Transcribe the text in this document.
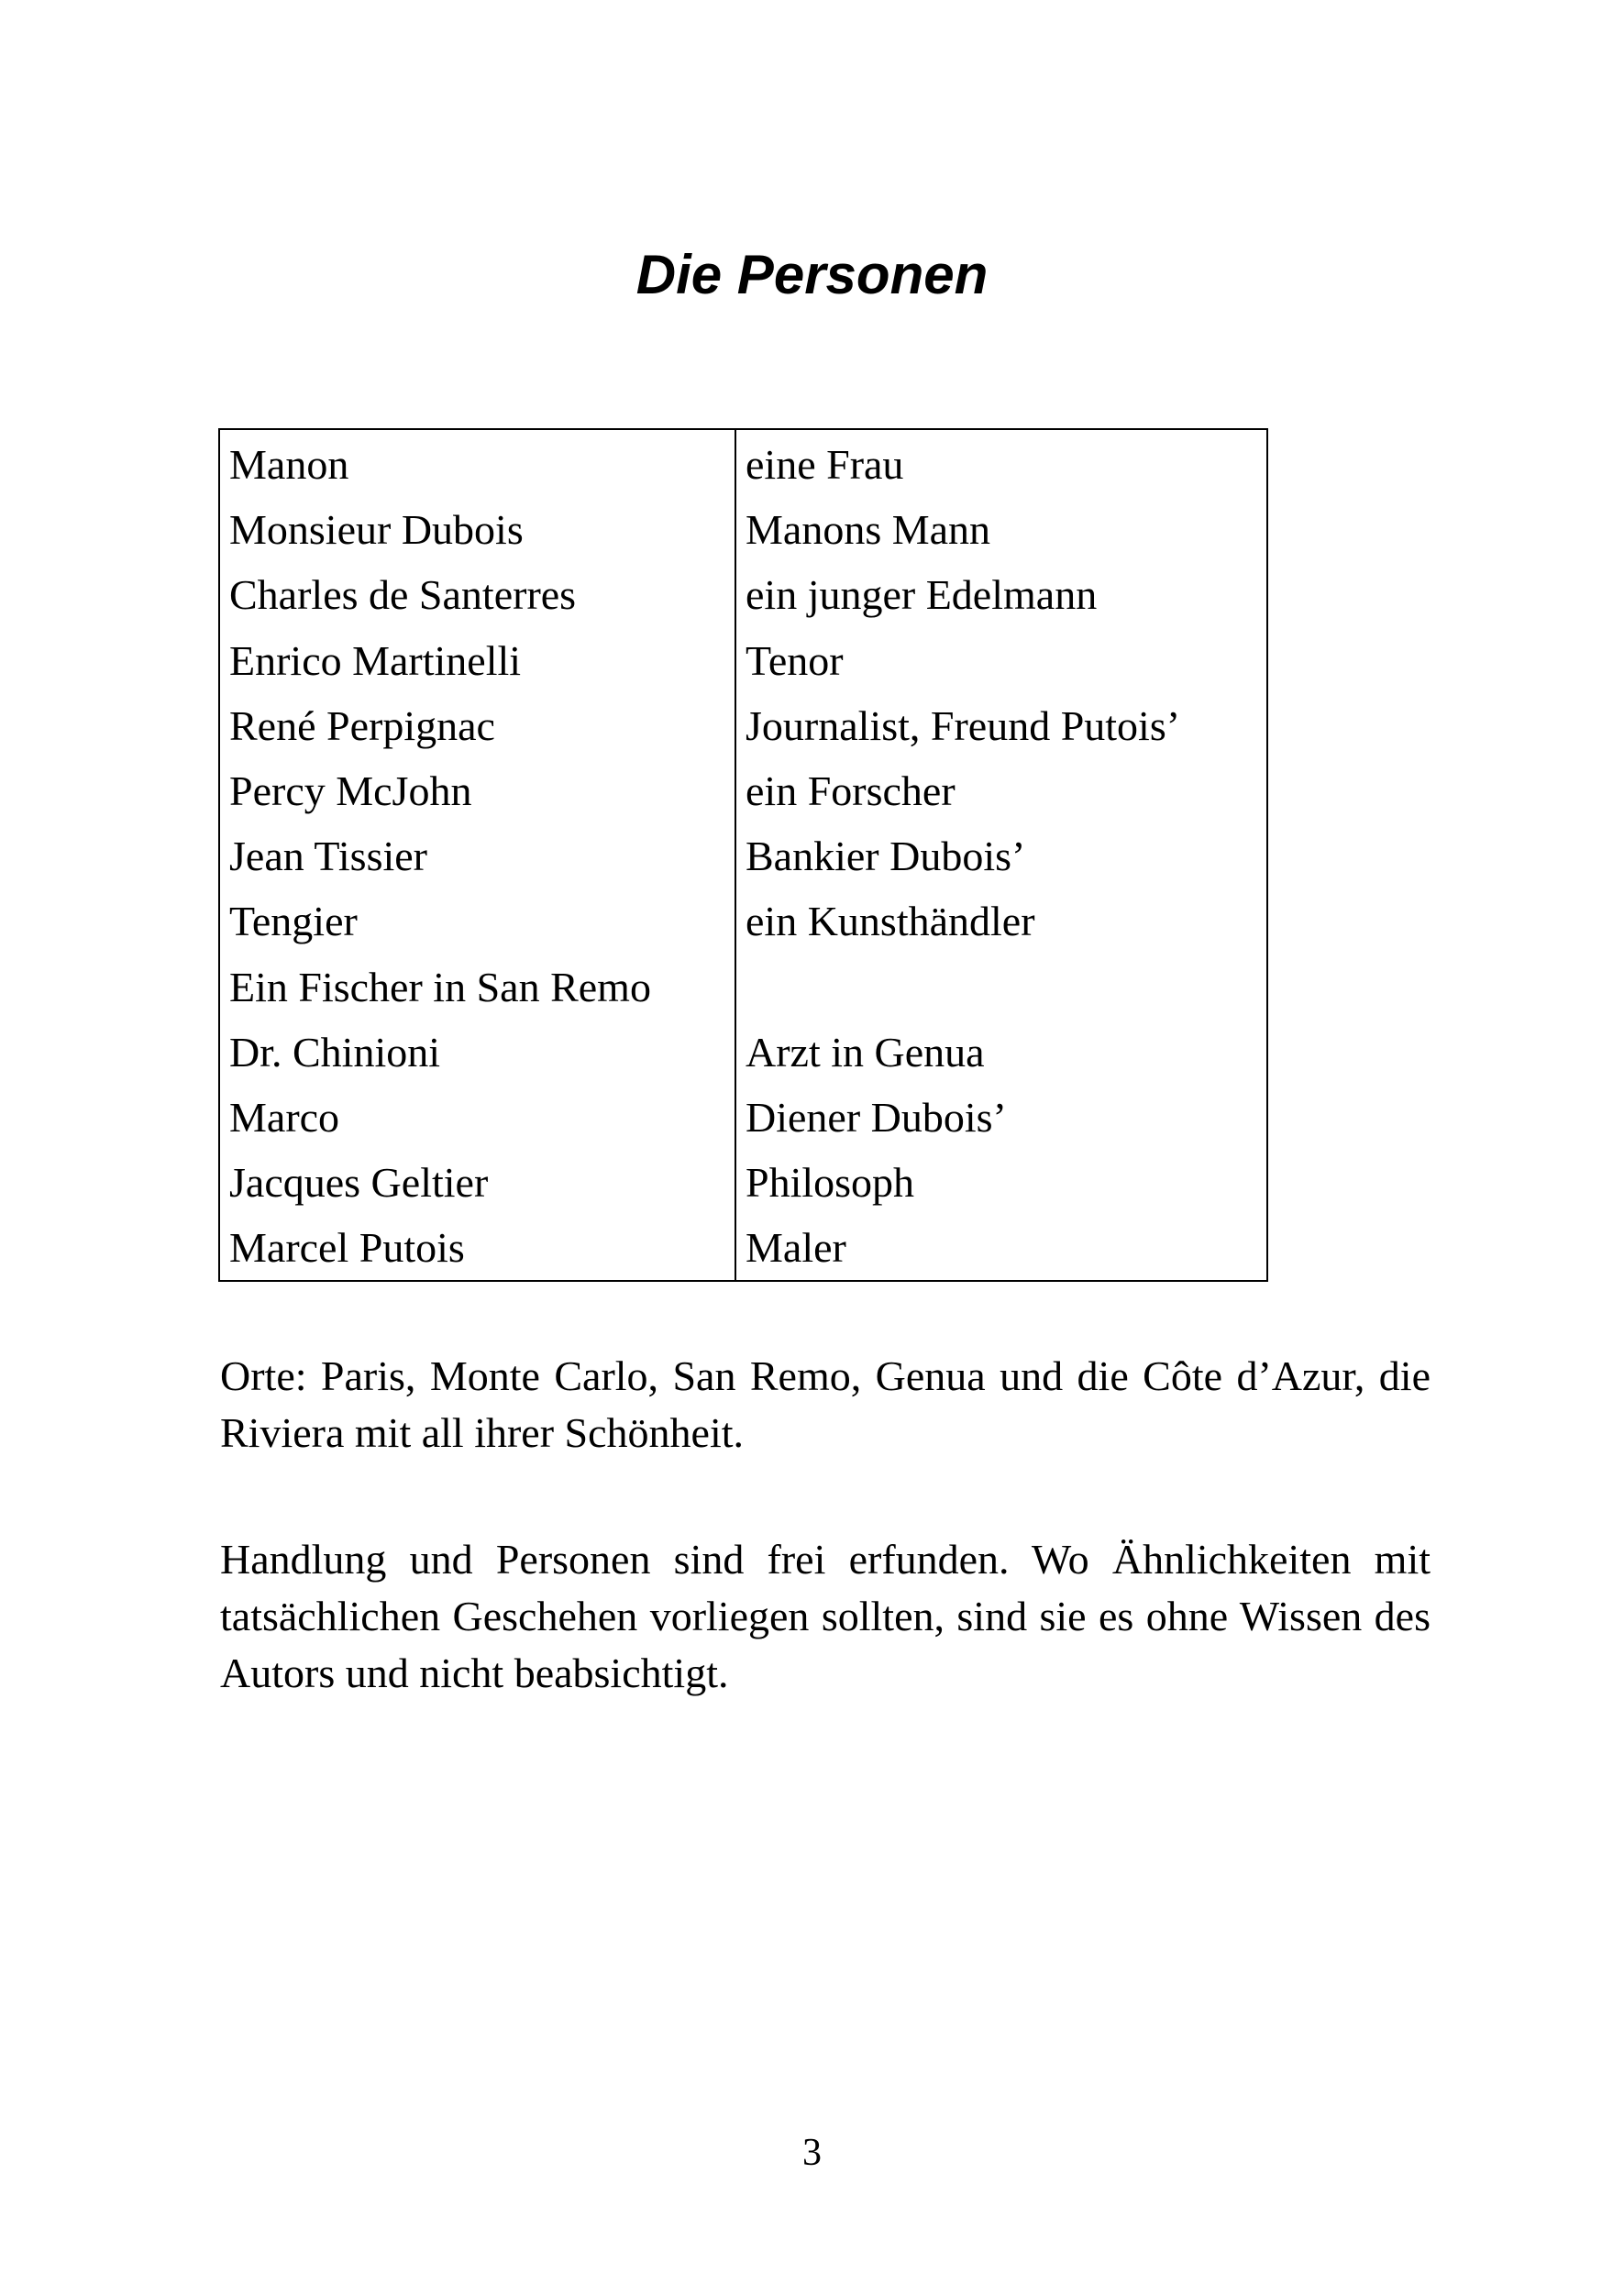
Die Personen
Manon	eine Frau
Monsieur Dubois	Manons Mann
Charles de Santerres	ein junger Edelmann
Enrico Martinelli	Tenor
René Perpignac	Journalist, Freund Putois’
Percy McJohn	ein Forscher
Jean Tissier	Bankier Dubois’
Tengier	ein Kunsthändler
Ein Fischer in San Remo	
Dr. Chinioni	Arzt in Genua
Marco	Diener Dubois’
Jacques Geltier	Philosoph
Marcel Putois	Maler

Orte: Paris, Monte Carlo, San Remo, Genua und die Côte d’Azur, die Riviera mit all ihrer Schönheit.

Handlung und Personen sind frei erfunden. Wo Ähnlichkeiten mit tatsächlichen Geschehen vorliegen sollten, sind sie es ohne Wissen des Autors und nicht beabsichtigt.

3
